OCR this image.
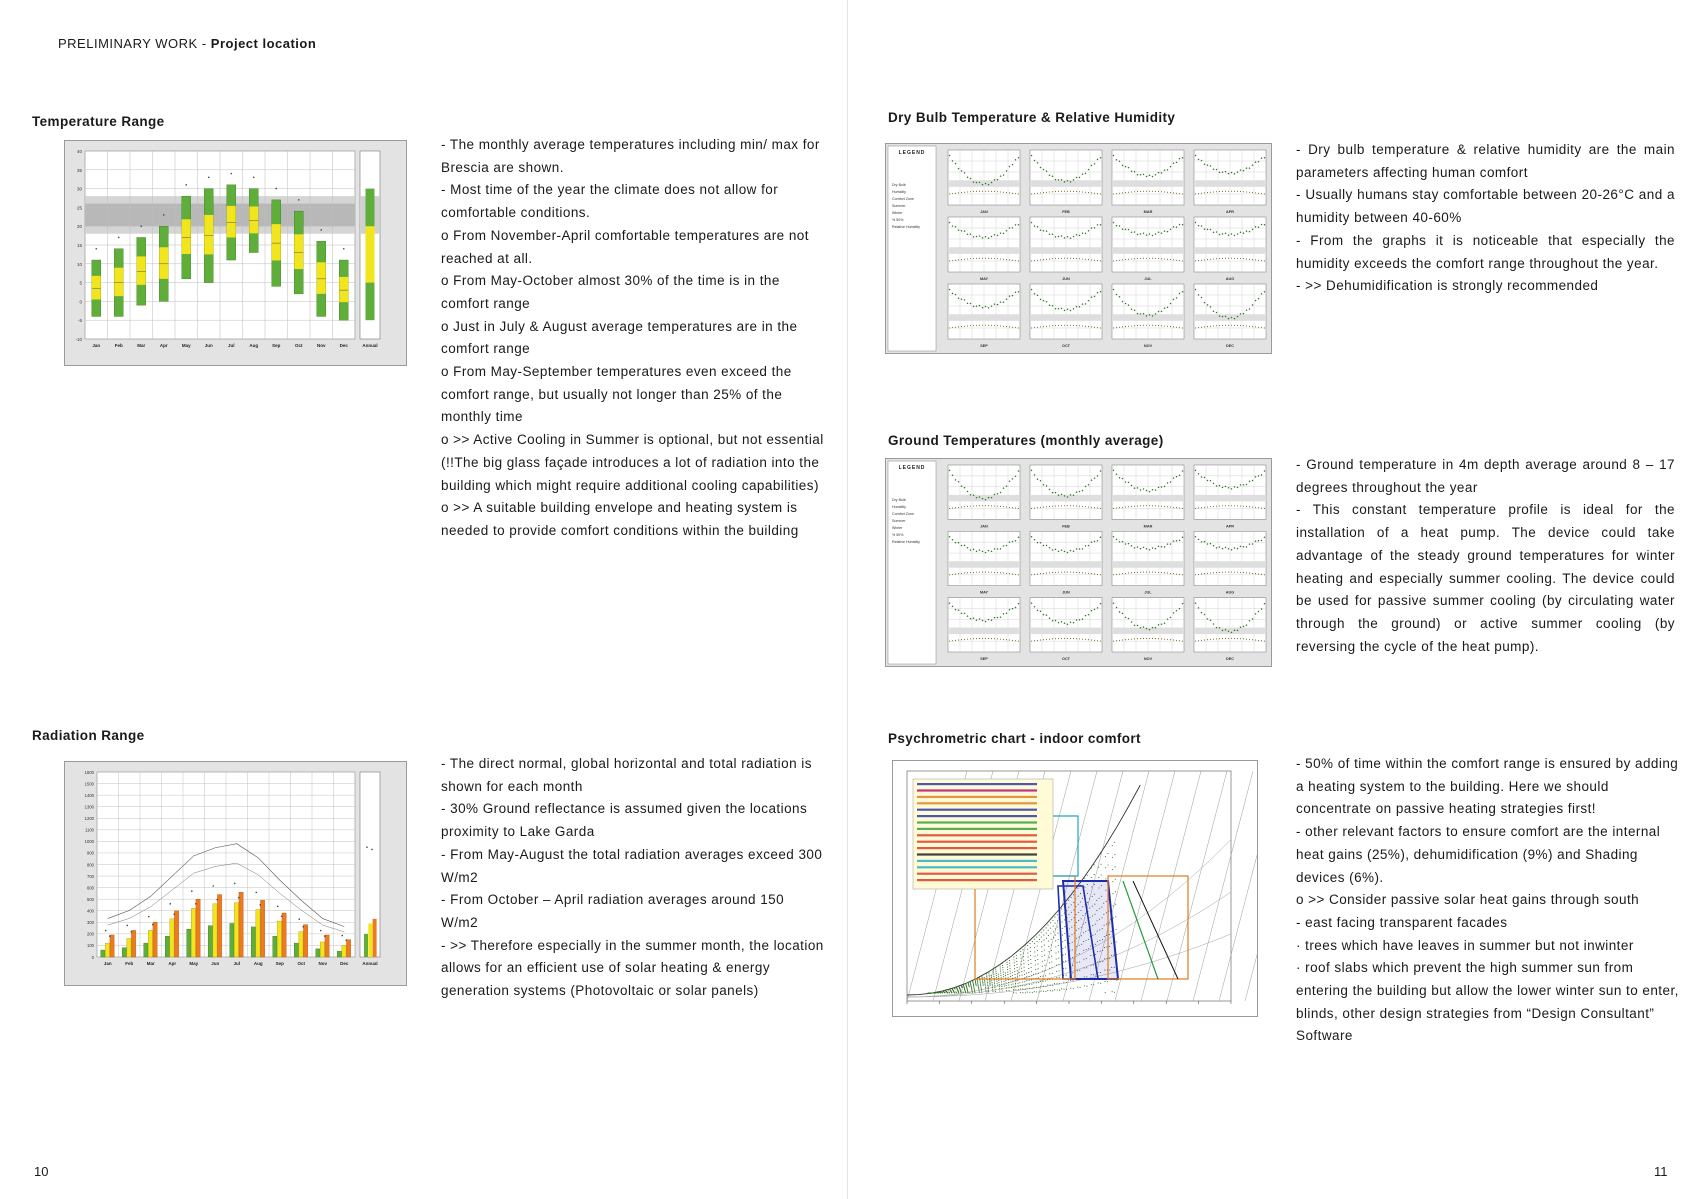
PRELIMINARY WORK - Project location
Temperature Range
40
35
30
25
20
15
10
5
0
-5
-10
Jan	Feb	Mar	Apr	May	Jun	Jul	Aug	Sep	Oct	Nov	Dec	Annual

- The monthly average temperatures including min/ max for Brescia are shown.

- Most time of the year the climate does not allow for comfortable conditions.

o From November-April comfortable temperatures are not reached at all.

o From May-October almost 30% of the time is in the comfort range

o Just in July & August average temperatures are in the comfort range

o From May-September temperatures even exceed the comfort range, but usually not longer than 25% of the monthly time

o >> Active Cooling in Summer is optional, but not essential (!!The big glass façade introduces a lot of radiation into the building which might require additional cooling capabilities)

o >> A suitable building envelope and heating system is needed to provide comfort conditions within the building

Radiation Range
1600
1500
1400
1300
1200
1100
1000
900
800
700
600
500
400
300
200
100
0
Jan	Feb	Mar	Apr	May	Jun	Jul	Aug	Sep	Oct	Nov	Dec	Annual

- The direct normal, global horizontal and total radiation is shown for each month

- 30% Ground reflectance is assumed given the locations proximity to Lake Garda

- From May-August the total radiation averages exceed 300 W/m2

- From October – April radiation averages around 150 W/m2

- >> Therefore especially in the summer month, the location allows for an efficient use of solar heating & energy generation systems (Photovoltaic or solar panels)

10
Dry Bulb Temperature & Relative Humidity
LEGEND
Dry Bulb
Humidity
Comfort Zone
Summer
Winter
% 50%
Relative Humidity
JAN	FEB	MAR	APR
MAY	JUN	JUL	AUG
SEP	OCT	NOV	DEC

- Dry bulb temperature & relative humidity are the main parameters affecting human comfort

- Usually humans stay comfortable between 20-26°C and a humidity between 40-60%

- From the graphs it is noticeable that especially the humidity exceeds the comfort range throughout the year.

- >> Dehumidification is strongly recommended

Ground Temperatures (monthly average)
LEGEND
Dry Bulb
Humidity
Comfort Zone
Summer
Winter
% 50%
Relative Humidity
JAN	FEB	MAR	APR
MAY	JUN	JUL	AUG
SEP	OCT	NOV	DEC

- Ground temperature in 4m depth average around 8 – 17 degrees throughout the year

- This constant temperature profile is ideal for the installation of a heat pump. The device could take advantage of the steady ground temperatures for winter heating and especially summer cooling. The device could be used for passive summer cooling (by circulating water through the ground) or active summer cooling (by reversing the cycle of the heat pump).

Psychrometric chart - indoor comfort

- 50% of time within the comfort range is ensured by adding a heating system to the building. Here we should concentrate on passive heating strategies first!

- other relevant factors to ensure comfort are the internal heat gains (25%), dehumidification (9%) and Shading devices (6%).

o >> Consider passive solar heat gains through south

- east facing transparent facades

· trees which have leaves in summer but not inwinter

· roof slabs which prevent the high summer sun from entering the building but allow the lower winter sun to enter, blinds, other design strategies from “Design Consultant” Software

11
